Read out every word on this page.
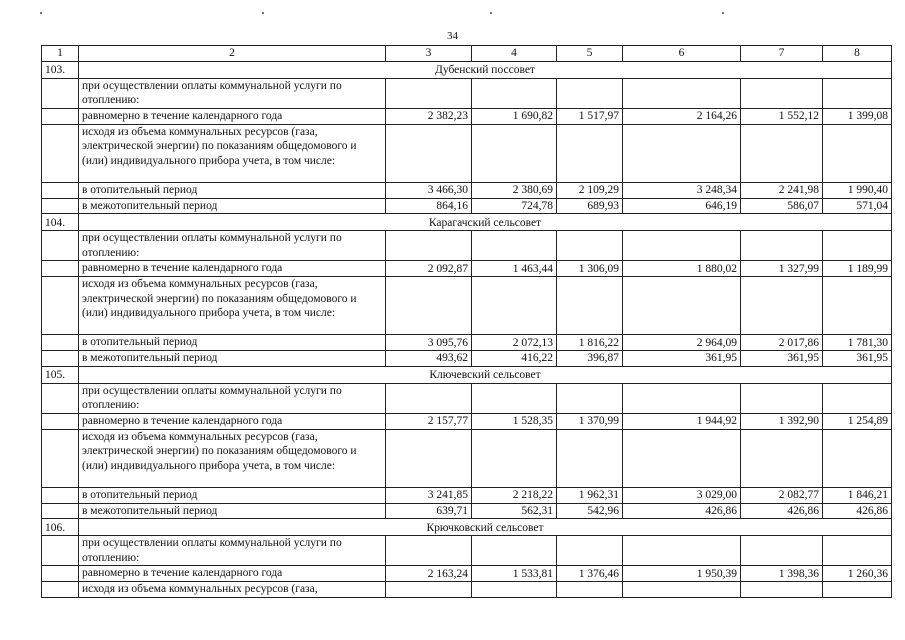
34
1	2	3	4	5	6	7	8
103.	Дубенский поссовет						
	при осуществлении оплаты коммунальной услуги по отоплению:						
	равномерно в течение календарного года	2 382,23	1 690,82	1 517,97	2 164,26	1 552,12	1 399,08
	исходя из объема коммунальных ресурсов (газа, электрической энергии) по показаниям общедомового и (или) индивидуального прибора учета, в том числе:						
	в отопительный период	3 466,30	2 380,69	2 109,29	3 248,34	2 241,98	1 990,40
	в межотопительный период	864,16	724,78	689,93	646,19	586,07	571,04
104.	Карагачский сельсовет						
	при осуществлении оплаты коммунальной услуги по отоплению:						
	равномерно в течение календарного года	2 092,87	1 463,44	1 306,09	1 880,02	1 327,99	1 189,99
	исходя из объема коммунальных ресурсов (газа, электрической энергии) по показаниям общедомового и (или) индивидуального прибора учета, в том числе:						
	в отопительный период	3 095,76	2 072,13	1 816,22	2 964,09	2 017,86	1 781,30
	в межотопительный период	493,62	416,22	396,87	361,95	361,95	361,95
105.	Ключевский сельсовет						
	при осуществлении оплаты коммунальной услуги по отоплению:						
	равномерно в течение календарного года	2 157,77	1 528,35	1 370,99	1 944,92	1 392,90	1 254,89
	исходя из объема коммунальных ресурсов (газа, электрической энергии) по показаниям общедомового и (или) индивидуального прибора учета, в том числе:						
	в отопительный период	3 241,85	2 218,22	1 962,31	3 029,00	2 082,77	1 846,21
	в межотопительный период	639,71	562,31	542,96	426,86	426,86	426,86
106.	Крючковский сельсовет						
	при осуществлении оплаты коммунальной услуги по отоплению:						
	равномерно в течение календарного года	2 163,24	1 533,81	1 376,46	1 950,39	1 398,36	1 260,36
	исходя из объема коммунальных ресурсов (газа,						
